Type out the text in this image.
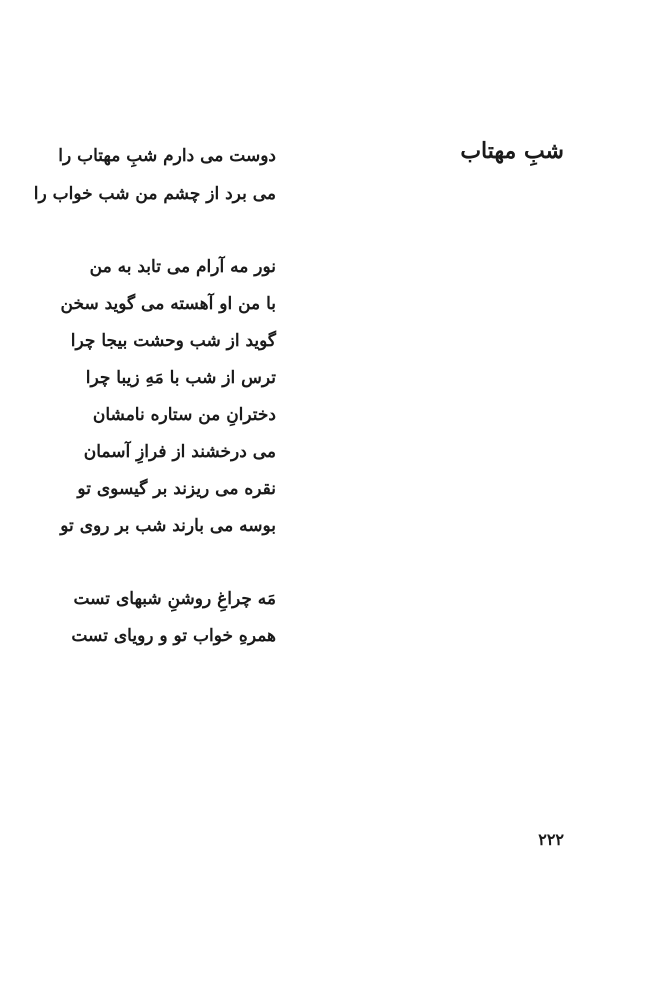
شبِ مهتاب
دوست می دارم شبِ مهتاب را
می برد از چشم من شب خواب را
نور مه آرام می تابد به من
با من او آهسته می گوید سخن
گوید از شب وحشت بیجا چرا
ترس از شب با مَهِ زیبا چرا
دخترانِ من ستاره نامشان
می درخشند از فرازِ آسمان
نقره می ریزند بر گیسوی تو
بوسه می بارند شب بر روی تو
مَه چراغِ روشنِ شبهای تست
همرهِ خواب تو و رویای تست
۲۲۲
